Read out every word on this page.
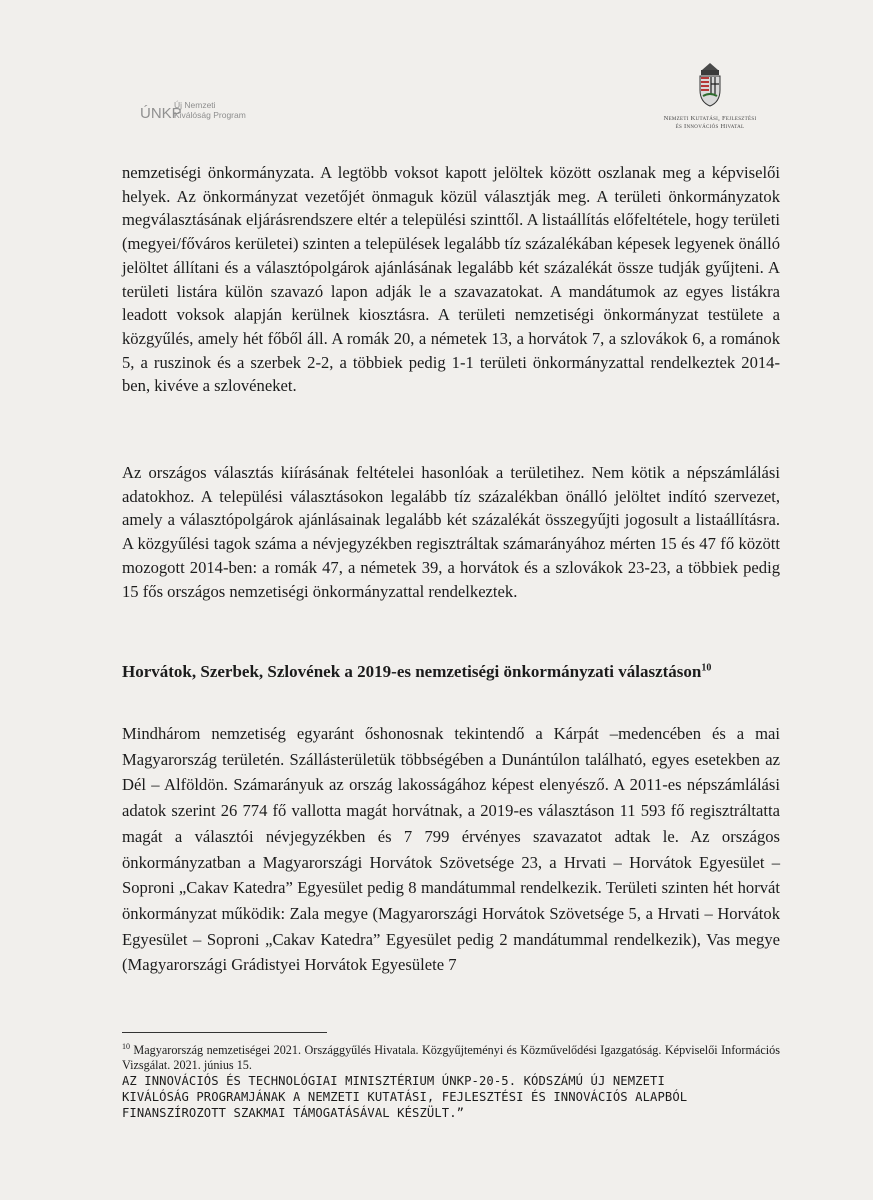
ÚNKP
Új Nemzeti
Kiválóság Program	Nemzeti Kutatási, Fejlesztési
és Innovációs Hivatal

nemzetiségi önkormányzata. A legtöbb voksot kapott jelöltek között oszlanak meg a képviselői helyek. Az önkormányzat vezetőjét önmaguk közül választják meg. A területi önkormányzatok megválasztásának eljárásrendszere eltér a települési szinttől. A listaállítás előfeltétele, hogy területi (megyei/főváros kerületei) szinten a települések legalább tíz százalékában képesek legyenek önálló jelöltet állítani és a választópolgárok ajánlásának legalább két százalékát össze tudják gyűjteni. A területi listára külön szavazó lapon adják le a szavazatokat. A mandátumok az egyes listákra leadott voksok alapján kerülnek kiosztásra. A területi nemzetiségi önkormányzat testülete a közgyűlés, amely hét főből áll. A romák 20, a németek 13, a horvátok 7, a szlovákok 6, a románok 5, a ruszinok és a szerbek 2-2, a többiek pedig 1-1 területi önkormányzattal rendelkeztek 2014-ben, kivéve a szlovéneket.

Az országos választás kiírásának feltételei hasonlóak a területihez. Nem kötik a népszámlálási adatokhoz. A települési választásokon legalább tíz százalékban önálló jelöltet indító szervezet, amely a választópolgárok ajánlásainak legalább két százalékát összegyűjti jogosult a listaállításra. A közgyűlési tagok száma a névjegyzékben regisztráltak számarányához mérten 15 és 47 fő között mozogott 2014-ben: a romák 47, a németek 39, a horvátok és a szlovákok 23-23, a többiek pedig 15 fős országos nemzetiségi önkormányzattal rendelkeztek.

Horvátok, Szerbek, Szlovének a 2019-es nemzetiségi önkormányzati választáson$^{10}$

Mindhárom nemzetiség egyaránt őshonosnak tekintendő a Kárpát –medencében és a mai Magyarország területén. Szállásterületük többségében a Dunántúlon található, egyes esetekben az Dél – Alföldön. Számarányuk az ország lakosságához képest elenyésző. A 2011-es népszámlálási adatok szerint 26 774 fő vallotta magát horvátnak, a 2019-es választáson 11 593 fő regisztráltatta magát a választói névjegyzékben és 7 799 érvényes szavazatot adtak le. Az országos önkormányzatban a Magyarországi Horvátok Szövetsége 23, a Hrvati – Horvátok Egyesület – Soproni „Cakav Katedra” Egyesület pedig 8 mandátummal rendelkezik. Területi szinten hét horvát önkormányzat működik: Zala megye (Magyarországi Horvátok Szövetsége 5, a Hrvati – Horvátok Egyesület – Soproni „Cakav Katedra” Egyesület pedig 2 mandátummal rendelkezik), Vas megye (Magyarországi Grádistyei Horvátok Egyesülete 7

$^{10}$ Magyarország nemzetiségei 2021. Országgyűlés Hivatala. Közgyűjteményi és Közművelődési Igazgatóság. Képviselői Információs Vizsgálat. 2021. június 15.

AZ INNOVÁCIÓS ÉS TECHNOLÓGIAI MINISZTÉRIUM ÚNKP-20-5. KÓDSZÁMÚ ÚJ NEMZETI
KIVÁLÓSÁG PROGRAMJÁNAK A NEMZETI KUTATÁSI, FEJLESZTÉSI ÉS INNOVÁCIÓS ALAPBÓL
FINANSZÍROZOTT SZAKMAI TÁMOGATÁSÁVAL KÉSZÜLT.”
